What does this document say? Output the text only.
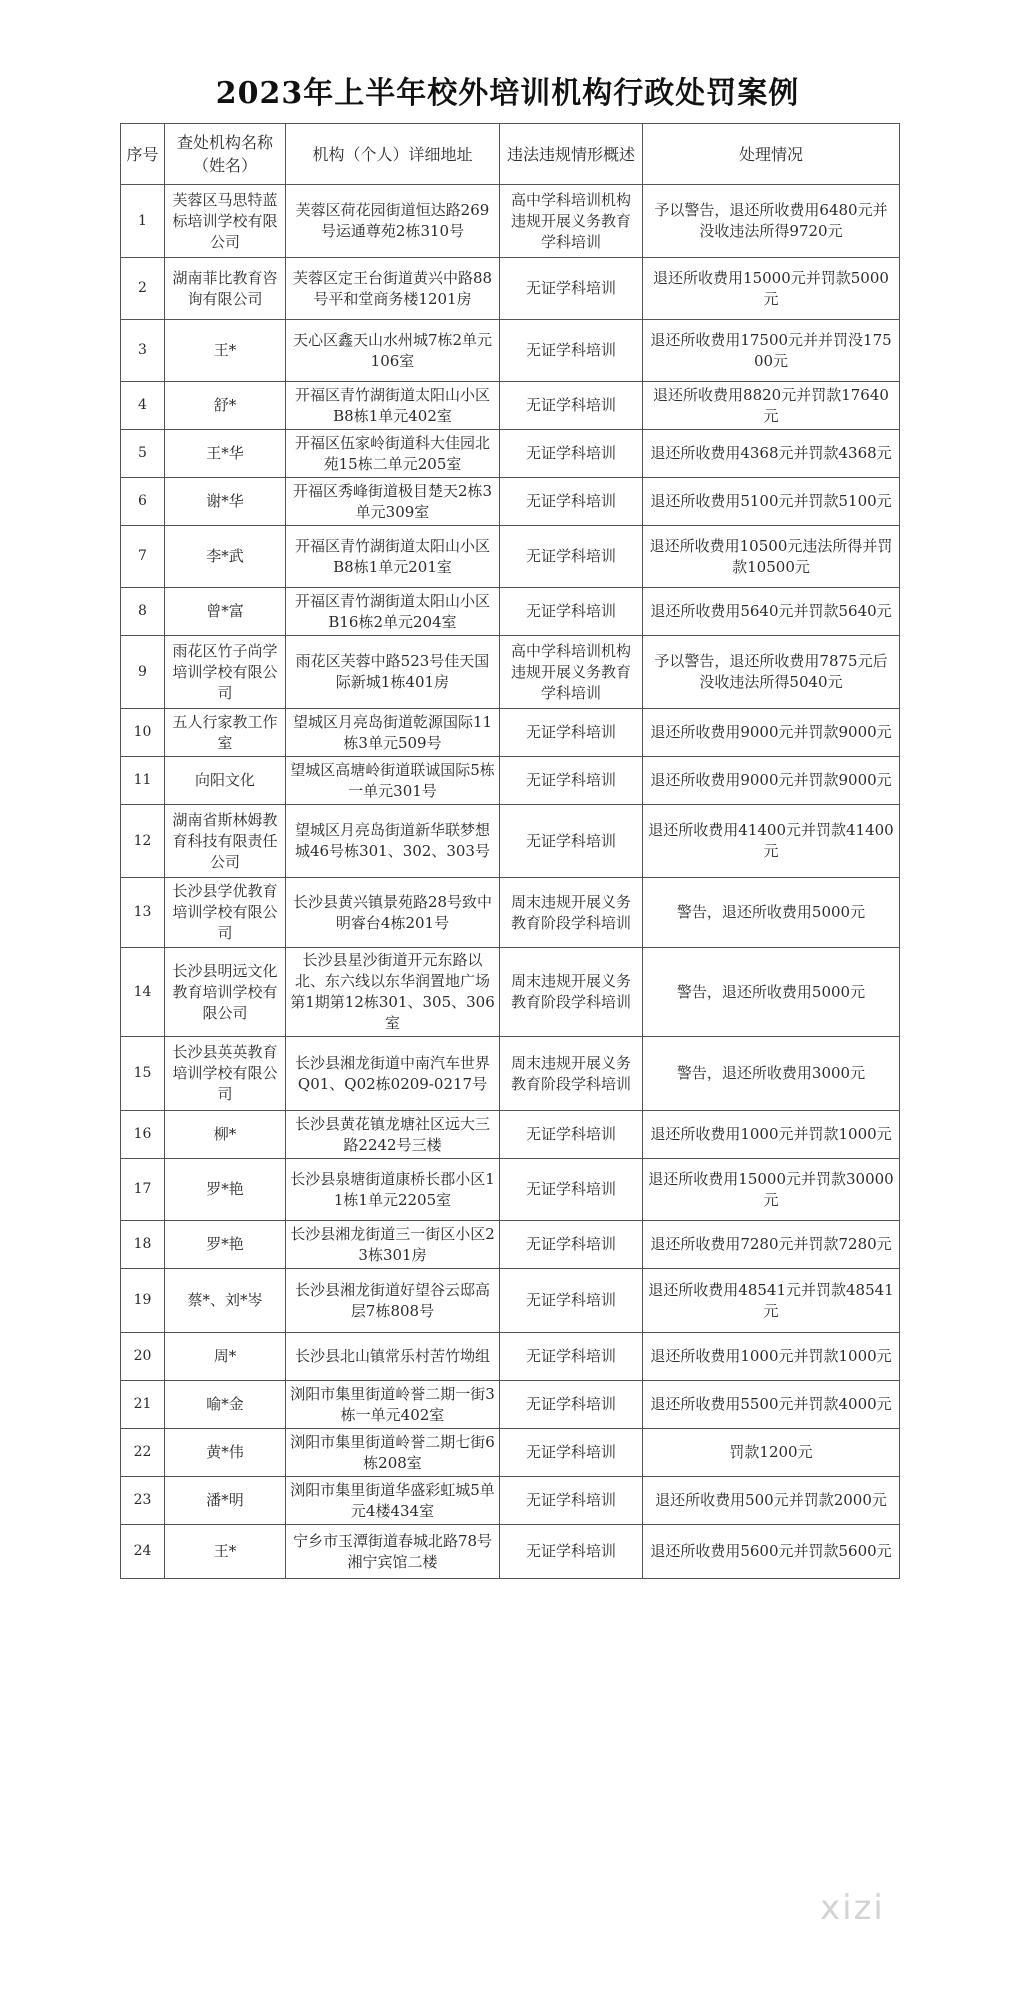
2023年上半年校外培训机构行政处罚案例
序号	查处机构名称（姓名）	机构（个人）详细地址	违法违规情形概述	处理情况
1	芙蓉区马思特蓝标培训学校有限公司	芙蓉区荷花园街道恒达路269号运通尊苑2栋310号	高中学科培训机构违规开展义务教育学科培训	予以警告，退还所收费用6480元并没收违法所得9720元
2	湖南菲比教育咨询有限公司	芙蓉区定王台街道黄兴中路88号平和堂商务楼1201房	无证学科培训	退还所收费用15000元并罚款5000元
3	王*	天心区鑫天山水州城7栋2单元106室	无证学科培训	退还所收费用17500元并并罚没17500元
4	舒*	开福区青竹湖街道太阳山小区B8栋1单元402室	无证学科培训	退还所收费用8820元并罚款17640元
5	王*华	开福区伍家岭街道科大佳园北苑15栋二单元205室	无证学科培训	退还所收费用4368元并罚款4368元
6	谢*华	开福区秀峰街道极目楚天2栋3单元309室	无证学科培训	退还所收费用5100元并罚款5100元
7	李*武	开福区青竹湖街道太阳山小区B8栋1单元201室	无证学科培训	退还所收费用10500元违法所得并罚款10500元
8	曾*富	开福区青竹湖街道太阳山小区B16栋2单元204室	无证学科培训	退还所收费用5640元并罚款5640元
9	雨花区竹子尚学培训学校有限公司	雨花区芙蓉中路523号佳天国际新城1栋401房	高中学科培训机构违规开展义务教育学科培训	予以警告，退还所收费用7875元后没收违法所得5040元
10	五人行家教工作室	望城区月亮岛街道乾源国际11栋3单元509号	无证学科培训	退还所收费用9000元并罚款9000元
11	向阳文化	望城区高塘岭街道联诚国际5栋一单元301号	无证学科培训	退还所收费用9000元并罚款9000元
12	湖南省斯林姆教育科技有限责任公司	望城区月亮岛街道新华联梦想城46号栋301、302、303号	无证学科培训	退还所收费用41400元并罚款41400元
13	长沙县学优教育培训学校有限公司	长沙县黄兴镇景苑路28号致中明睿台4栋201号	周末违规开展义务教育阶段学科培训	警告，退还所收费用5000元
14	长沙县明远文化教育培训学校有限公司	长沙县星沙街道开元东路以北、东六线以东华润置地广场第1期第12栋301、305、306室	周末违规开展义务教育阶段学科培训	警告，退还所收费用5000元
15	长沙县英英教育培训学校有限公司	长沙县湘龙街道中南汽车世界Q01、Q02栋0209-0217号	周末违规开展义务教育阶段学科培训	警告，退还所收费用3000元
16	柳*	长沙县黄花镇龙塘社区远大三路2242号三楼	无证学科培训	退还所收费用1000元并罚款1000元
17	罗*艳	长沙县泉塘街道康桥长郡小区11栋1单元2205室	无证学科培训	退还所收费用15000元并罚款30000元
18	罗*艳	长沙县湘龙街道三一街区小区23栋301房	无证学科培训	退还所收费用7280元并罚款7280元
19	蔡*、刘*岑	长沙县湘龙街道好望谷云邸高层7栋808号	无证学科培训	退还所收费用48541元并罚款48541元
20	周*	长沙县北山镇常乐村苦竹坳组	无证学科培训	退还所收费用1000元并罚款1000元
21	喻*金	浏阳市集里街道岭誉二期一街3栋一单元402室	无证学科培训	退还所收费用5500元并罚款4000元
22	黄*伟	浏阳市集里街道岭誉二期七街6栋208室	无证学科培训	罚款1200元
23	潘*明	浏阳市集里街道华盛彩虹城5单元4楼434室	无证学科培训	退还所收费用500元并罚款2000元
24	王*	宁乡市玉潭街道春城北路78号湘宁宾馆二楼	无证学科培训	退还所收费用5600元并罚款5600元
xizi
